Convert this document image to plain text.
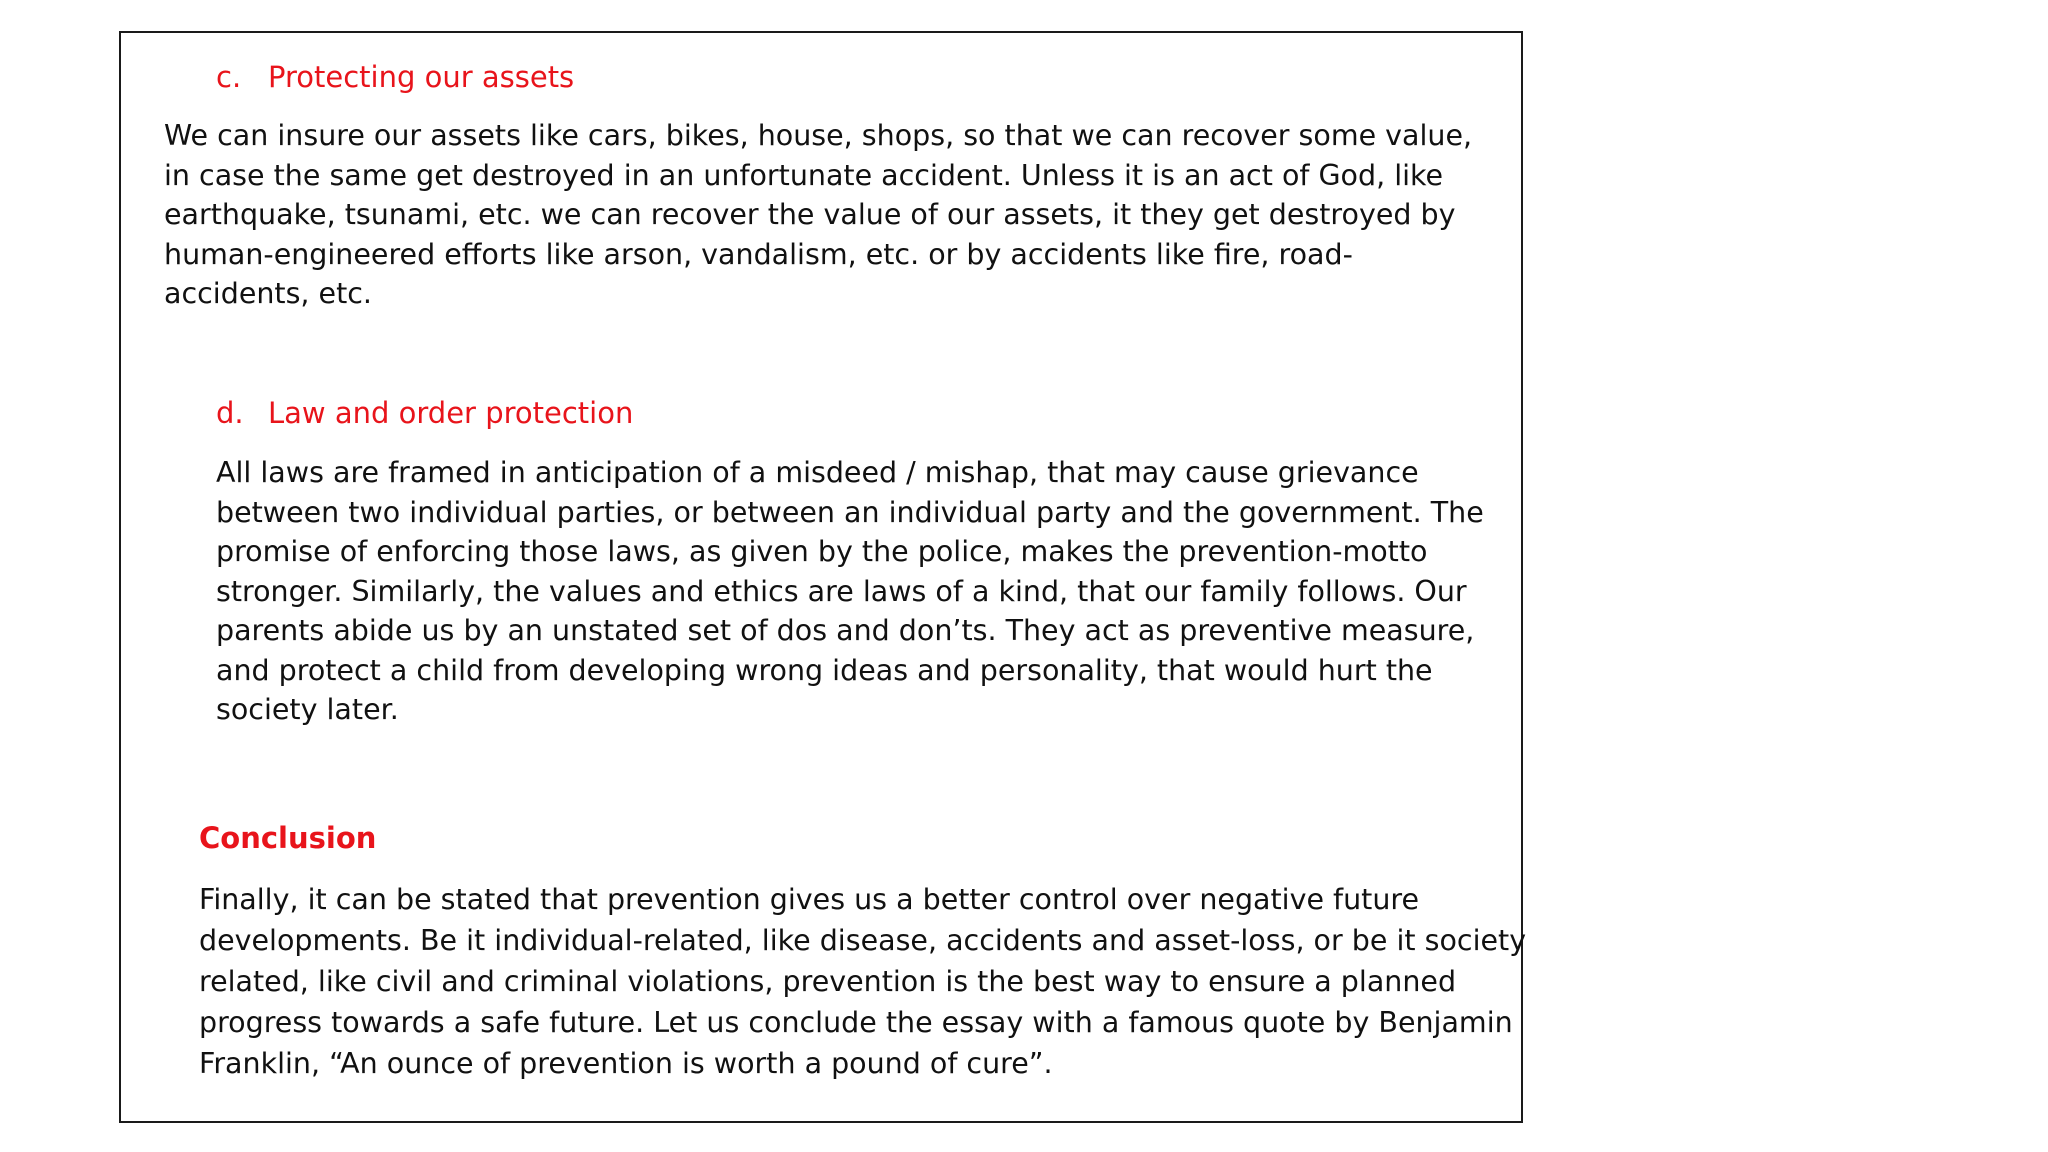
c. Protecting our assets
We can insure our assets like cars, bikes, house, shops, so that we can recover some value,
in case the same get destroyed in an unfortunate accident. Unless it is an act of God, like
earthquake, tsunami, etc. we can recover the value of our assets, it they get destroyed by
human-engineered efforts like arson, vandalism, etc. or by accidents like fire, road-
accidents, etc.
d. Law and order protection
All laws are framed in anticipation of a misdeed / mishap, that may cause grievance
between two individual parties, or between an individual party and the government. The
promise of enforcing those laws, as given by the police, makes the prevention-motto
stronger. Similarly, the values and ethics are laws of a kind, that our family follows. Our
parents abide us by an unstated set of dos and don’ts. They act as preventive measure,
and protect a child from developing wrong ideas and personality, that would hurt the
society later.
Conclusion
Finally, it can be stated that prevention gives us a better control over negative future
developments. Be it individual-related, like disease, accidents and asset-loss, or be it society
related, like civil and criminal violations, prevention is the best way to ensure a planned
progress towards a safe future. Let us conclude the essay with a famous quote by Benjamin
Franklin, “An ounce of prevention is worth a pound of cure”.
